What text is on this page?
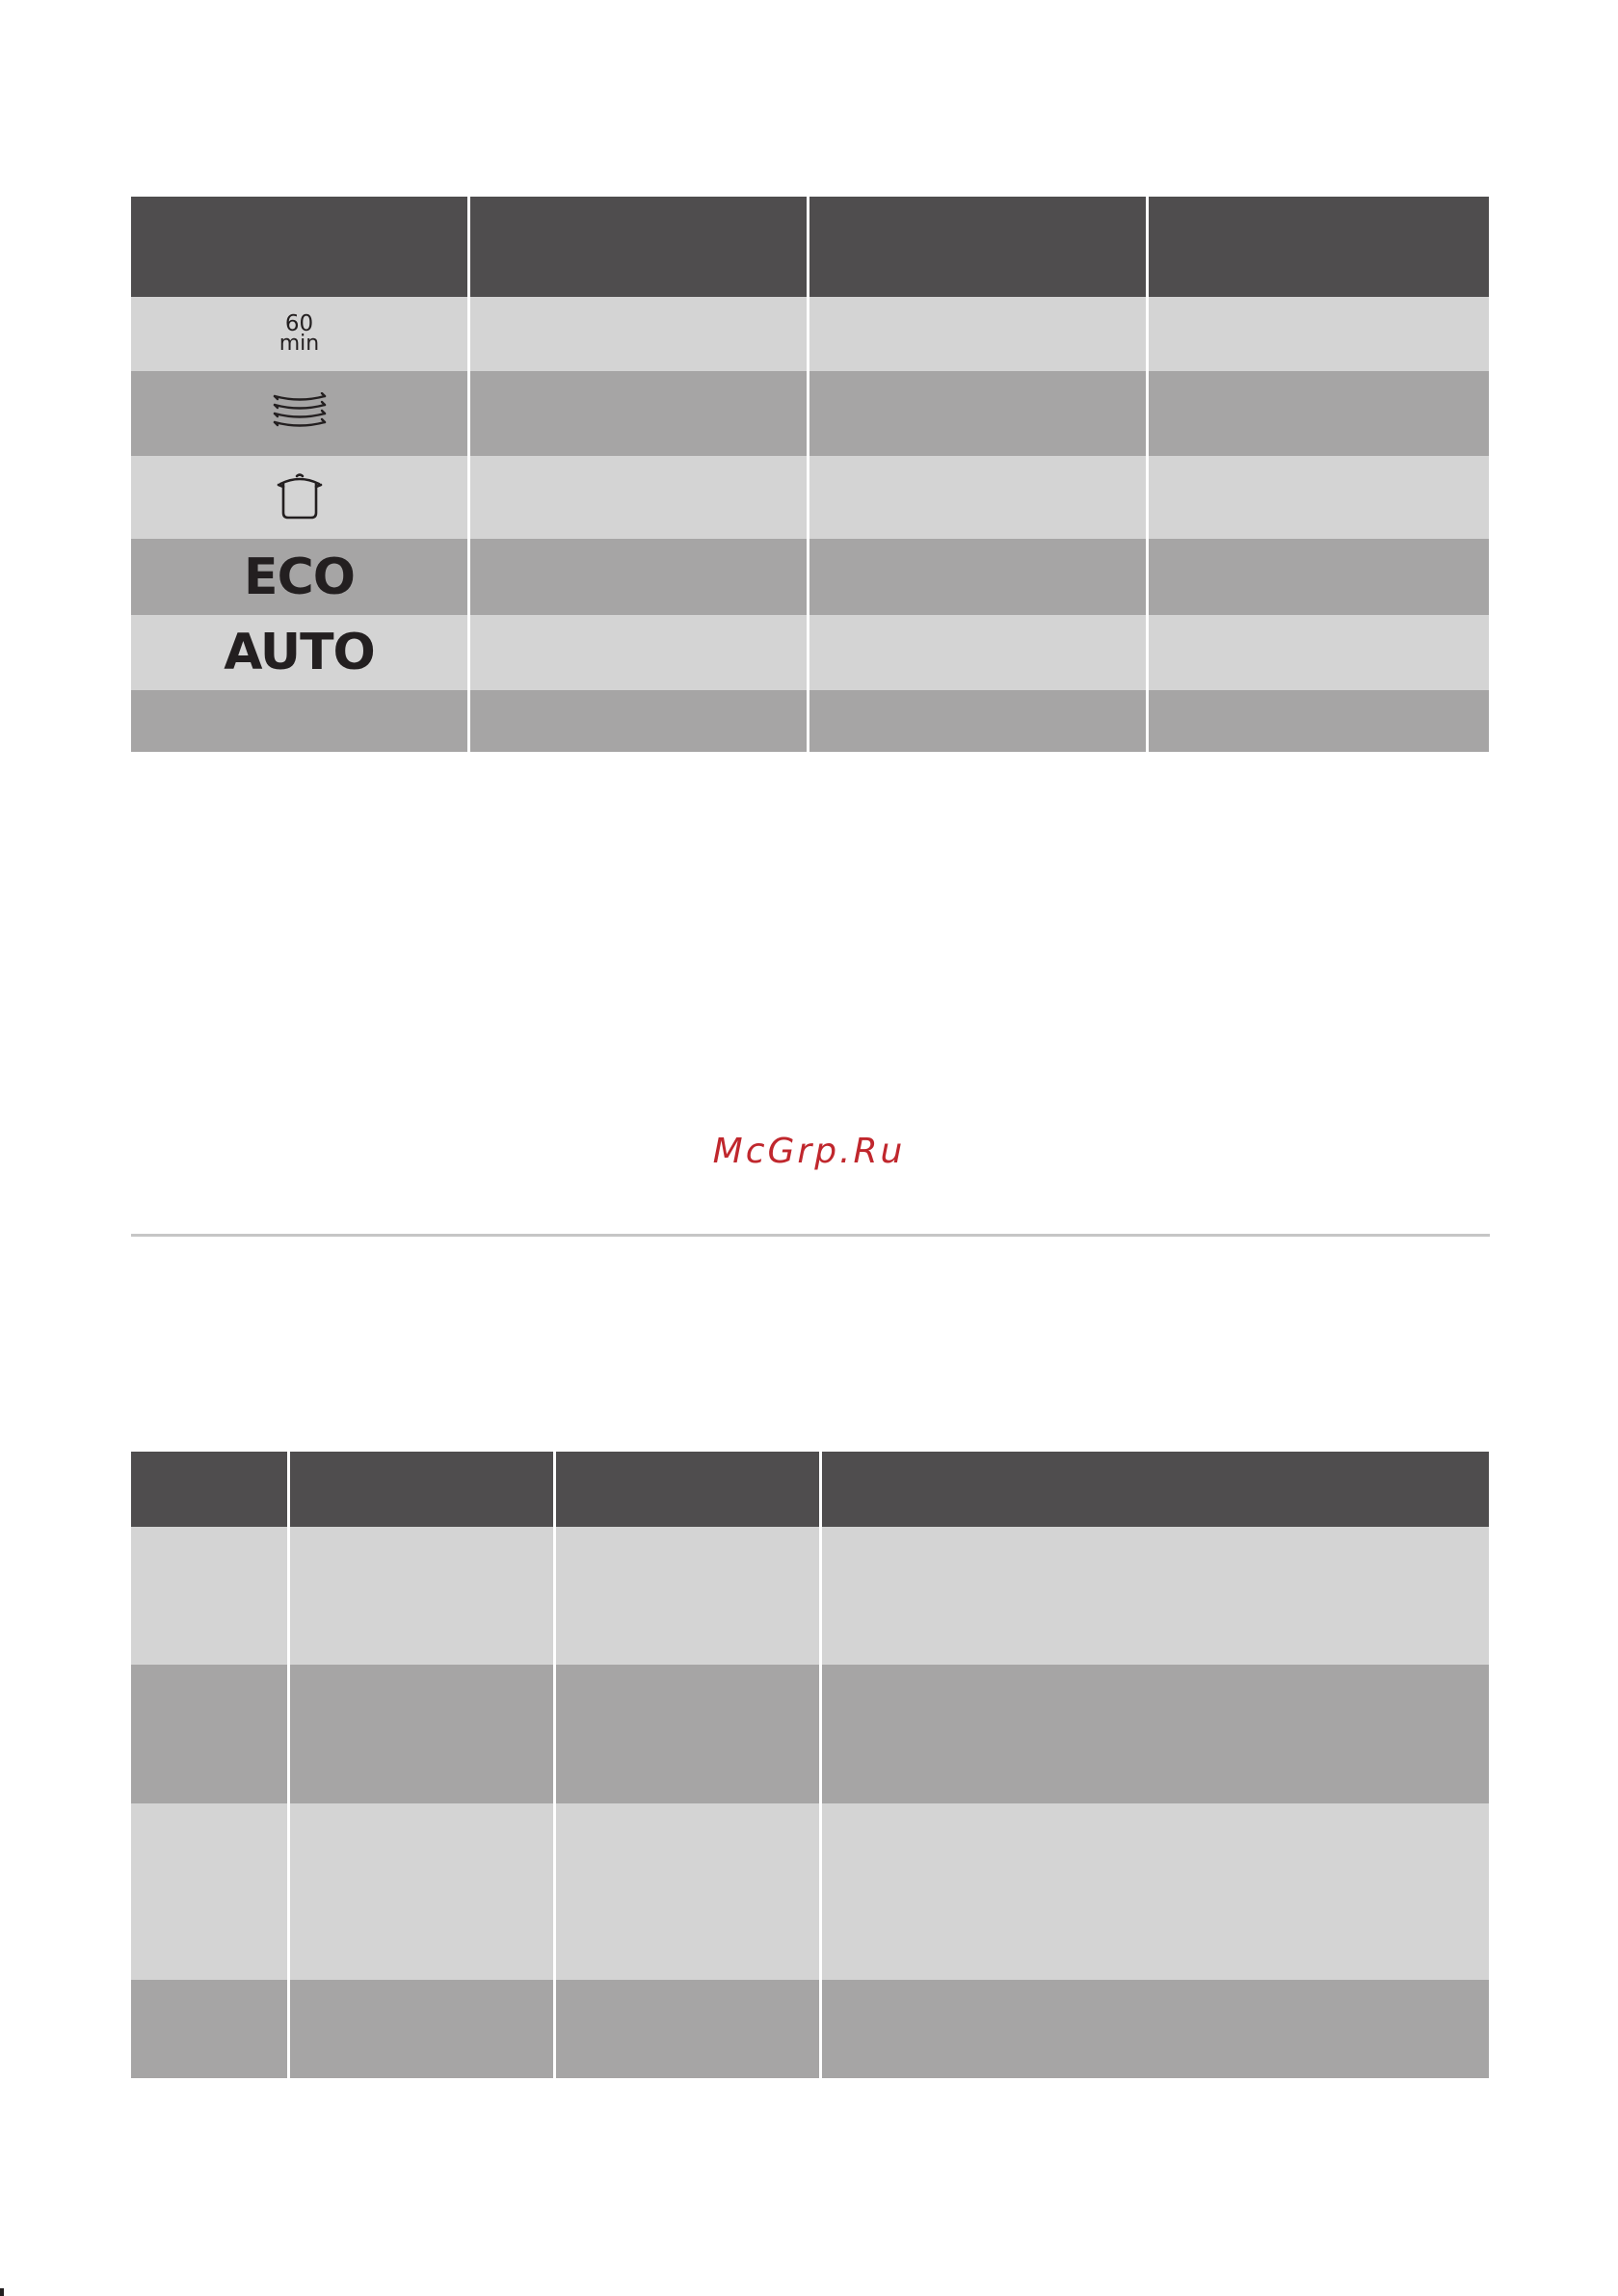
60
min			

ECO			
AUTO			

McGrp.Ru
